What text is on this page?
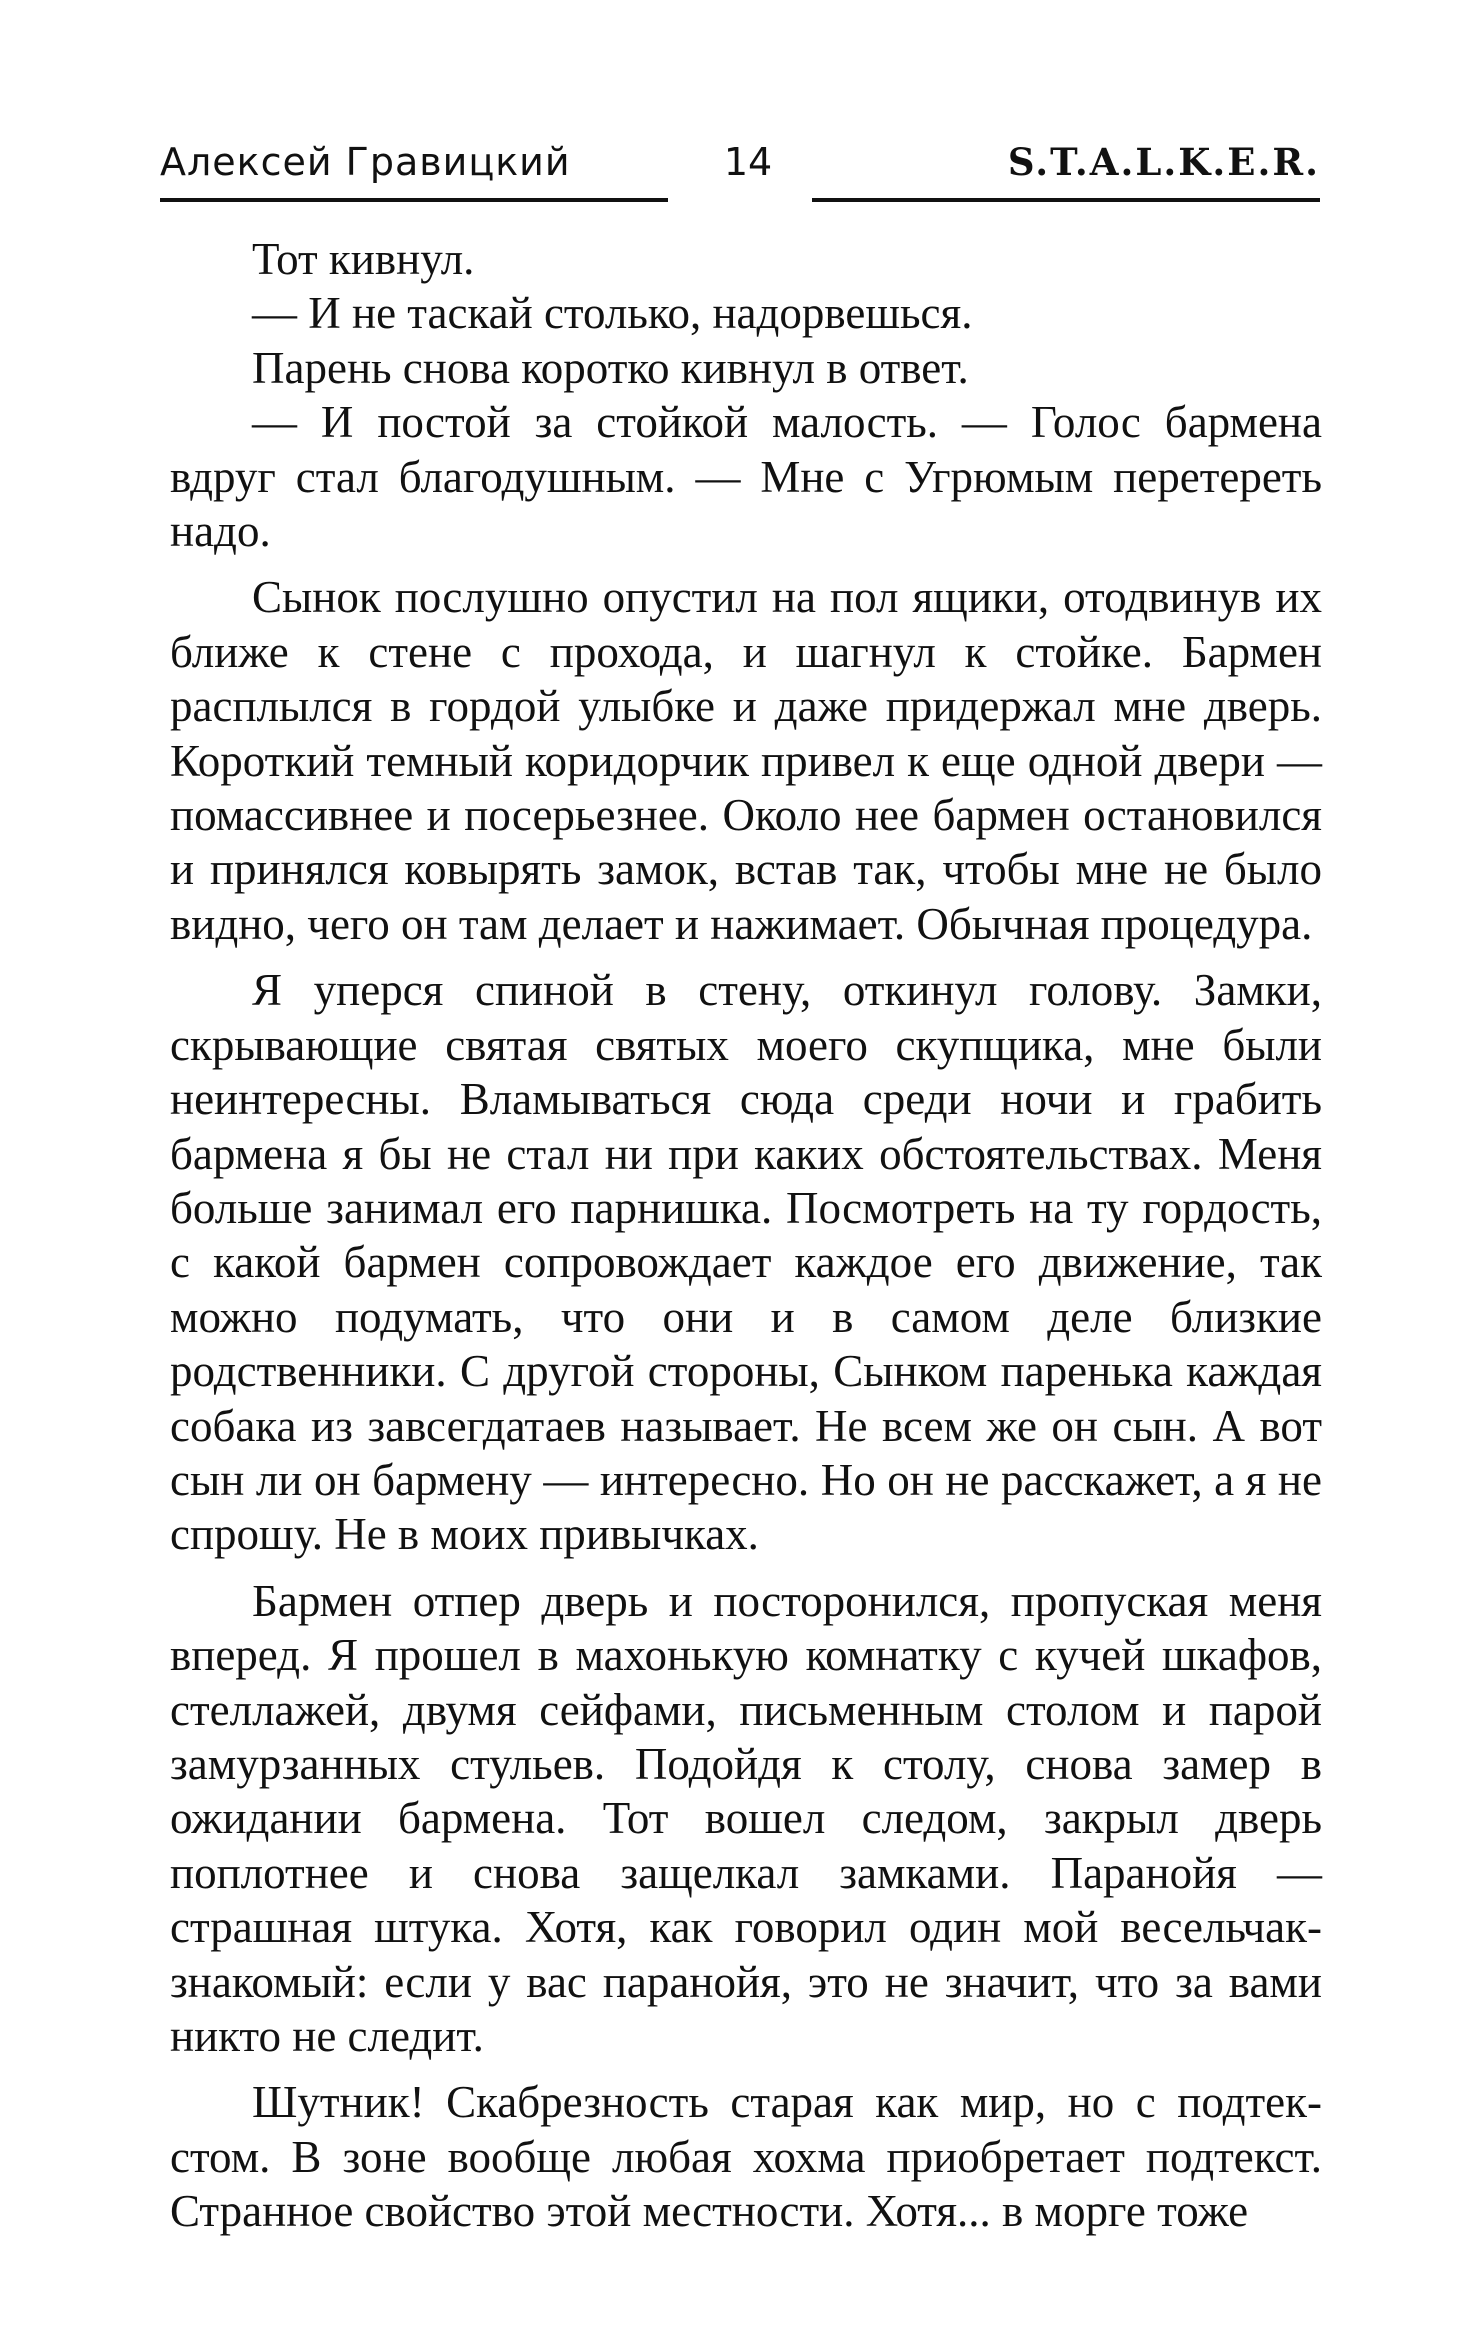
Алексей Гравицкий	14	S.T.A.L.K.E.R.

Тот кивнул.

— И не таскай столько, надорвешься.

Парень снова коротко кивнул в ответ.

— И постой за стойкой малость. — Голос бармена вдруг стал благодушным. — Мне с Угрюмым перетереть надо.

Сынок послушно опустил на пол ящики, отодвинув их ближе к стене с прохода, и шагнул к стойке. Бармен расплылся в гордой улыбке и даже придержал мне дверь. Короткий темный коридорчик привел к еще одной двери — помассивнее и посерьезнее. Около нее бармен остановился и принялся ковырять замок, встав так, чтобы мне не было видно, чего он там делает и нажимает. Обычная процедура.

Я уперся спиной в стену, откинул голову. Замки, скрывающие святая святых моего скупщика, мне были неинтересны. Вламываться сюда среди ночи и грабить бармена я бы не стал ни при каких обстоятельствах. Меня больше занимал его парнишка. Посмотреть на ту гордость, с какой бармен сопровождает каждое его движение, так можно подумать, что они и в самом деле близкие родственники. С другой стороны, Сынком паренька каждая собака из завсегдатаев называет. Не всем же он сын. А вот сын ли он бармену — интересно. Но он не расскажет, а я не спрошу. Не в моих привычках.

Бармен отпер дверь и посторонился, пропуская меня вперед. Я прошел в махонькую комнатку с кучей шкафов, стеллажей, двумя сейфами, письменным столом и парой замурзанных стульев. Подойдя к столу, снова замер в ожидании бармена. Тот вошел следом, закрыл дверь поплотнее и снова защелкал замками. Паранойя — страшная штука. Хотя, как говорил один мой весельчак-знакомый: если у вас паранойя, это не значит, что за вами никто не следит.

Шутник! Скабрезность старая как мир, но с подтекстом. В зоне вообще любая хохма приобретает подтекст. Странное свойство этой местности. Хотя... в морге тоже
